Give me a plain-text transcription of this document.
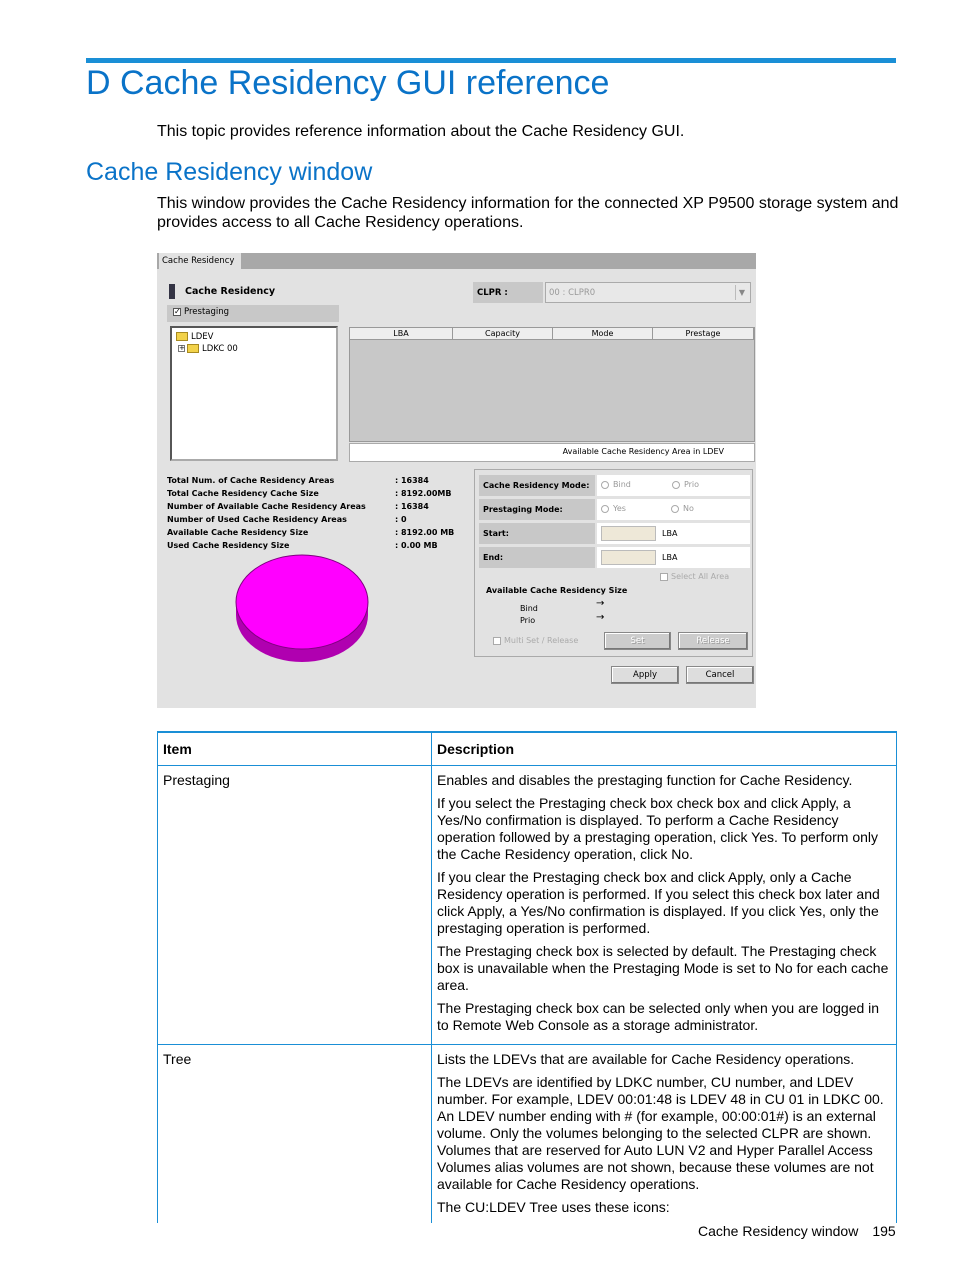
D Cache Residency GUI reference
This topic provides reference information about the Cache Residency GUI.
Cache Residency window
This window provides the Cache Residency information for the connected XP P9500 storage system and provides access to all Cache Residency operations.
Cache Residency
Cache Residency
✓ Prestaging
LDEV
+ LDKC 00
CLPR :	00 : CLPR0	▼
LBA	Capacity	Mode	Prestage
Available Cache Residency Area in LDEV
Total Num. of Cache Residency Areas	: 16384
Total Cache Residency Cache Size	: 8192.00MB
Number of Available Cache Residency Areas	: 16384
Number of Used Cache Residency Areas	: 0
Available Cache Residency Size	: 8192.00 MB
Used Cache Residency Size	: 0.00 MB
Cache Residency Mode:	Bind	Prio
Prestaging Mode:	Yes	No
Start:	LBA
End:	LBA
Select All Area
Available Cache Residency Size
Bind	→
Prio	→
Multi Set / Release	Set	Release
Apply	Cancel
Item	Description
Prestaging	Enables and disables the prestaging function for Cache Residency.

If you select the Prestaging check box check box and click Apply, a Yes/No confirmation is displayed. To perform a Cache Residency operation followed by a prestaging operation, click Yes. To perform only the Cache Residency operation, click No.

If you clear the Prestaging check box and click Apply, only a Cache Residency operation is performed. If you select this check box later and click Apply, a Yes/No confirmation is displayed. If you click Yes, only the prestaging operation is performed.

The Prestaging check box is selected by default. The Prestaging check box is unavailable when the Prestaging Mode is set to No for each cache area.

The Prestaging check box can be selected only when you are logged in to Remote Web Console as a storage administrator.

Tree	Lists the LDEVs that are available for Cache Residency operations.

The LDEVs are identified by LDKC number, CU number, and LDEV number. For example, LDEV 00:01:48 is LDEV 48 in CU 01 in LDKC 00. An LDEV number ending with # (for example, 00:00:01#) is an external volume. Only the volumes belonging to the selected CLPR are shown. Volumes that are reserved for Auto LUN V2 and Hyper Parallel Access Volumes alias volumes are not shown, because these volumes are not available for Cache Residency operations.

The CU:LDEV Tree uses these icons:

Cache Residency window 195
